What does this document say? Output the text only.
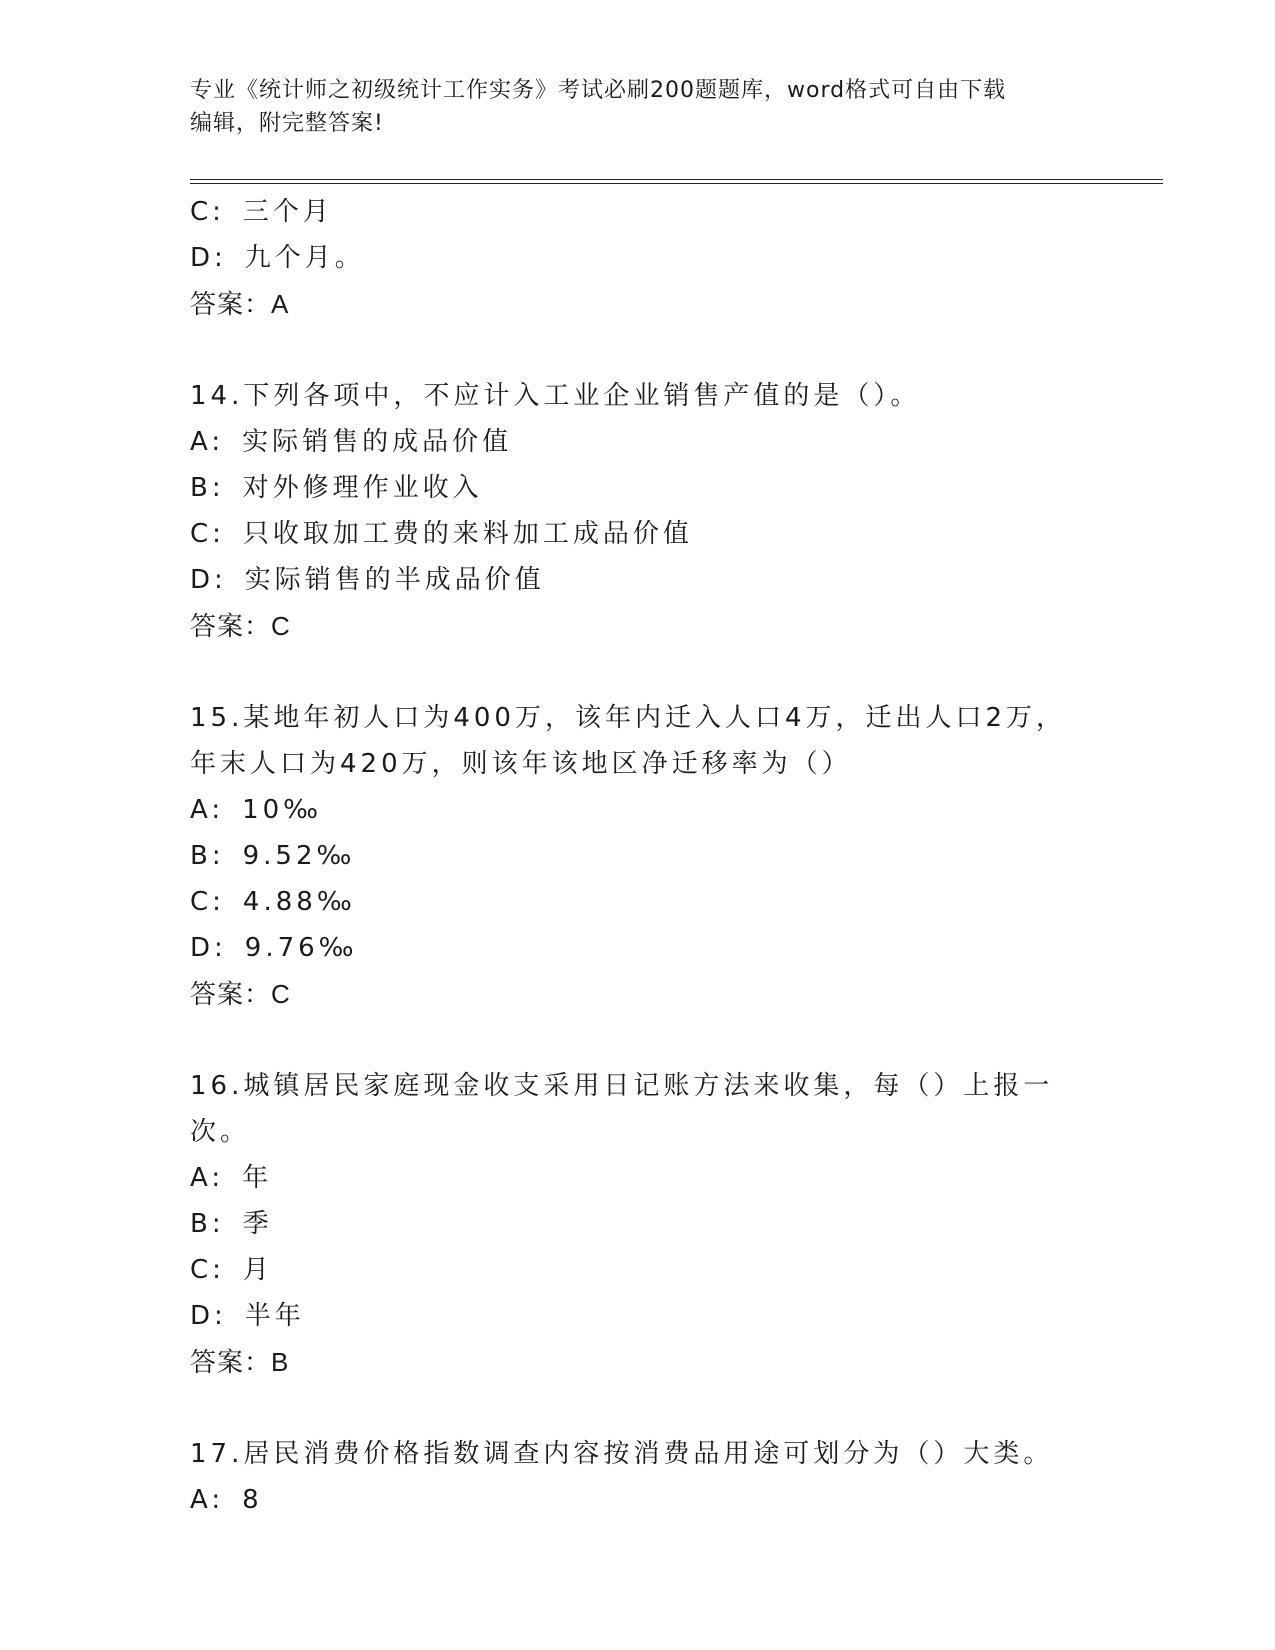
专业《统计师之初级统计工作实务》考试必刷200题题库，word格式可自由下载
编辑，附完整答案!
C: 三个月
D: 九个月。
答案：A
14.下列各项中，不应计入工业企业销售产值的是（）。
A: 实际销售的成品价值
B: 对外修理作业收入
C: 只收取加工费的来料加工成品价值
D: 实际销售的半成品价值
答案：C
15.某地年初人口为400万，该年内迁入人口4万，迁出人口2万，年末人口为420万，则该年该地区净迁移率为（）
A: 10‰
B: 9.52‰
C: 4.88‰
D: 9.76‰
答案：C
16.城镇居民家庭现金收支采用日记账方法来收集，每（）上报一次。
A: 年
B: 季
C: 月
D: 半年
答案：B
17.居民消费价格指数调查内容按消费品用途可划分为（）大类。
A: 8
